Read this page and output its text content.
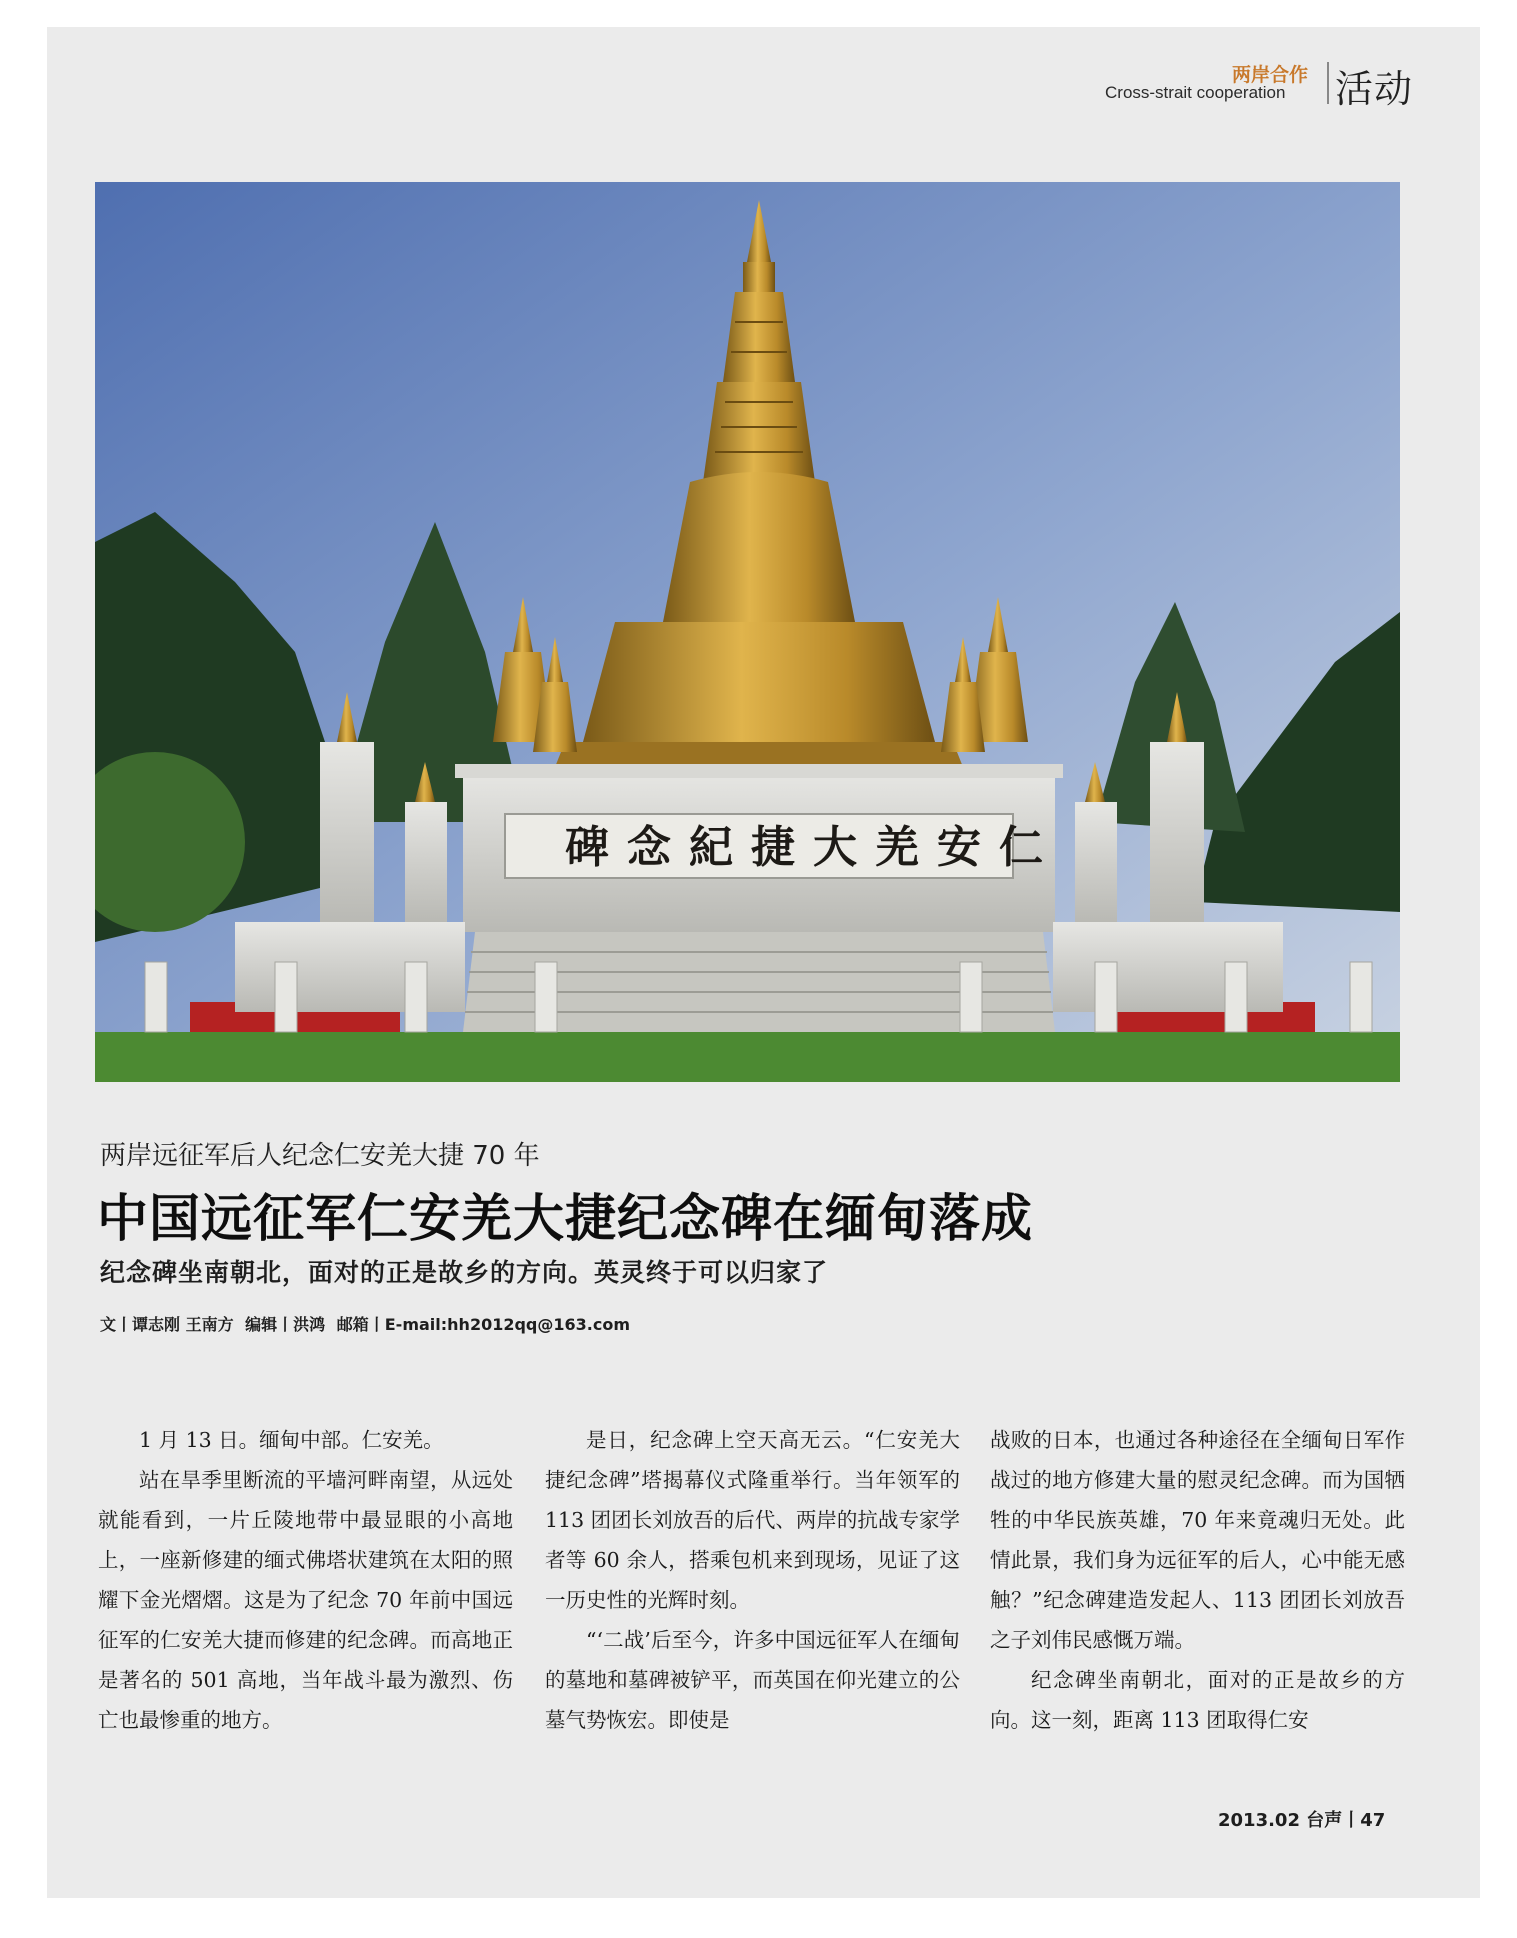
两岸合作
Cross-strait cooperation 活动
碑念紀捷大羌安仁
两岸远征军后人纪念仁安羌大捷 70 年
中国远征军仁安羌大捷纪念碑在缅甸落成
纪念碑坐南朝北，面对的正是故乡的方向。英灵终于可以归家了
文丨谭志刚 王南方 编辑丨洪鸿 邮箱丨E-mail:hh2012qq@163.com

1 月 13 日。缅甸中部。仁安羌。

站在旱季里断流的平墙河畔南望，从远处就能看到，一片丘陵地带中最显眼的小高地上，一座新修建的缅式佛塔状建筑在太阳的照耀下金光熠熠。这是为了纪念 70 年前中国远征军的仁安羌大捷而修建的纪念碑。而高地正是著名的 501 高地，当年战斗最为激烈、伤亡也最惨重的地方。

是日，纪念碑上空天高无云。“仁安羌大捷纪念碑”塔揭幕仪式隆重举行。当年领军的 113 团团长刘放吾的后代、两岸的抗战专家学者等 60 余人，搭乘包机来到现场，见证了这一历史性的光辉时刻。

“‘二战’后至今，许多中国远征军人在缅甸的墓地和墓碑被铲平，而英国在仰光建立的公墓气势恢宏。即使是

战败的日本，也通过各种途径在全缅甸日军作战过的地方修建大量的慰灵纪念碑。而为国牺牲的中华民族英雄，70 年来竟魂归无处。此情此景，我们身为远征军的后人，心中能无感触？”纪念碑建造发起人、113 团团长刘放吾之子刘伟民感慨万端。

纪念碑坐南朝北，面对的正是故乡的方向。这一刻，距离 113 团取得仁安

2013.02 台声丨47
